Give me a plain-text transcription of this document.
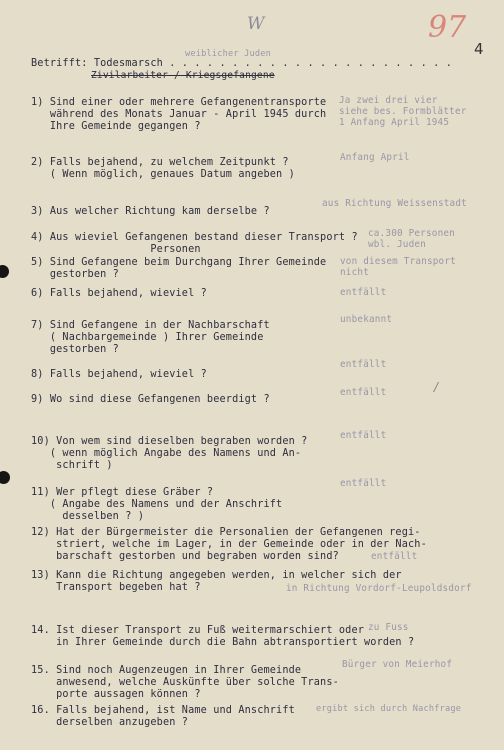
W	97
4
weiblicher Juden
Betrifft: Todesmarsch . . . . . . . . . . . . . . . . . . . . . . .
Zivilarbeiter / Kriegsgefangene
1) Sind einer oder mehrere Gefangenentransporte
während des Monats Januar - April 1945 durch
Ihre Gemeinde gegangen ?
Ja zwei drei vier
siehe bes. Formblätter
1 Anfang April 1945
2) Falls bejahend, zu welchem Zeitpunkt ?
( Wenn möglich, genaues Datum angeben )
Anfang April
3) Aus welcher Richtung kam derselbe ?
aus Richtung Weissenstadt
4) Aus wieviel Gefangenen bestand dieser Transport ?
Personen
ca.300 Personen
wbl. Juden
5) Sind Gefangene beim Durchgang Ihrer Gemeinde
gestorben ?
von diesem Transport
nicht
6) Falls bejahend, wieviel ?	entfällt
7) Sind Gefangene in der Nachbarschaft
( Nachbargemeinde ) Ihrer Gemeinde
gestorben ?
unbekannt
8) Falls bejahend, wieviel ?
entfällt
9) Wo sind diese Gefangenen beerdigt ?
entfällt	/
10) Von wem sind dieselben begraben worden ?
( wenn möglich Angabe des Namens und An-
schrift )
entfällt
11) Wer pflegt diese Gräber ?
( Angabe des Namens und der Anschrift
desselben ? )
entfällt
12) Hat der Bürgermeister die Personalien der Gefangenen regi-
striert, welche im Lager, in der Gemeinde oder in der Nach-
barschaft gestorben und begraben worden sind?	entfällt
13) Kann die Richtung angegeben werden, in welcher sich der
Transport begeben hat ?	in Richtung Vordorf-Leupoldsdorf
14. Ist dieser Transport zu Fuß weitermarschiert oder
in Ihrer Gemeinde durch die Bahn abtransportiert worden ?
zu Fuss
15. Sind noch Augenzeugen in Ihrer Gemeinde
anwesend, welche Auskünfte über solche Trans-
porte aussagen können ?
Bürger von Meierhof
16. Falls bejahend, ist Name und Anschrift
derselben anzugeben ?
ergibt sich durch Nachfrage
